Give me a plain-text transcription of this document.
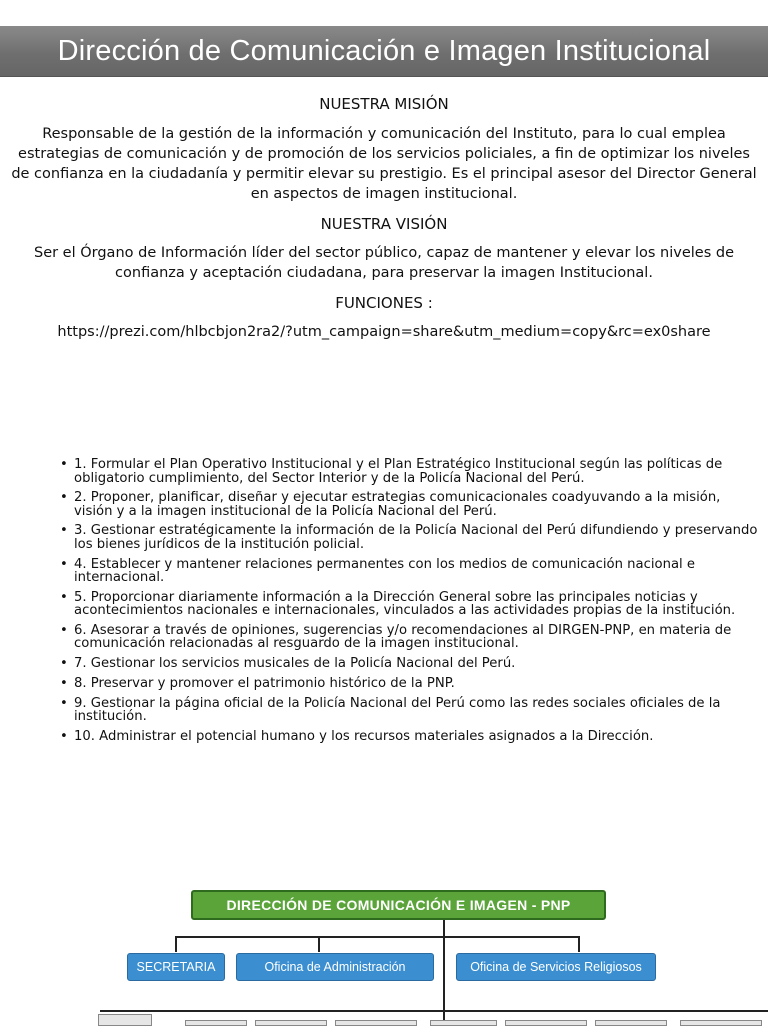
Dirección de Comunicación e Imagen Institucional
NUESTRA MISIÓN
Responsable de la gestión de la información y comunicación del Instituto, para lo cual emplea estrategias de comunicación y de promoción de los servicios policiales, a fin de optimizar los niveles de confianza en la ciudadanía y permitir elevar su prestigio. Es el principal asesor del Director General en aspectos de imagen institucional.
NUESTRA VISIÓN
Ser el Órgano de Información líder del sector público, capaz de mantener y elevar los niveles de confianza y aceptación ciudadana, para preservar la imagen Institucional.
FUNCIONES :
https://prezi.com/hlbcbjon2ra2/?utm_campaign=share&utm_medium=copy&rc=ex0share
• 1. Formular el Plan Operativo Institucional y el Plan Estratégico Institucional según las políticas de obligatorio cumplimiento, del Sector Interior y de la Policía Nacional del Perú.
• 2. Proponer, planificar, diseñar y ejecutar estrategias comunicacionales coadyuvando a la misión, visión y a la imagen institucional de la Policía Nacional del Perú.
• 3. Gestionar estratégicamente la información de la Policía Nacional del Perú difundiendo y preservando los bienes jurídicos de la institución policial.
• 4. Establecer y mantener relaciones permanentes con los medios de comunicación nacional e internacional.
• 5. Proporcionar diariamente información a la Dirección General sobre las principales noticias y acontecimientos nacionales e internacionales, vinculados a las actividades propias de la institución.
• 6. Asesorar a través de opiniones, sugerencias y/o recomendaciones al DIRGEN-PNP, en materia de comunicación relacionadas al resguardo de la imagen institucional.
• 7. Gestionar los servicios musicales de la Policía Nacional del Perú.
• 8. Preservar y promover el patrimonio histórico de la PNP.
• 9. Gestionar la página oficial de la Policía Nacional del Perú como las redes sociales oficiales de la institución.
• 10. Administrar el potencial humano y los recursos materiales asignados a la Dirección.
DIRECCIÓN DE COMUNICACIÓN E IMAGEN - PNP
SECRETARIA	Oficina de Administración	Oficina de Servicios Religiosos
